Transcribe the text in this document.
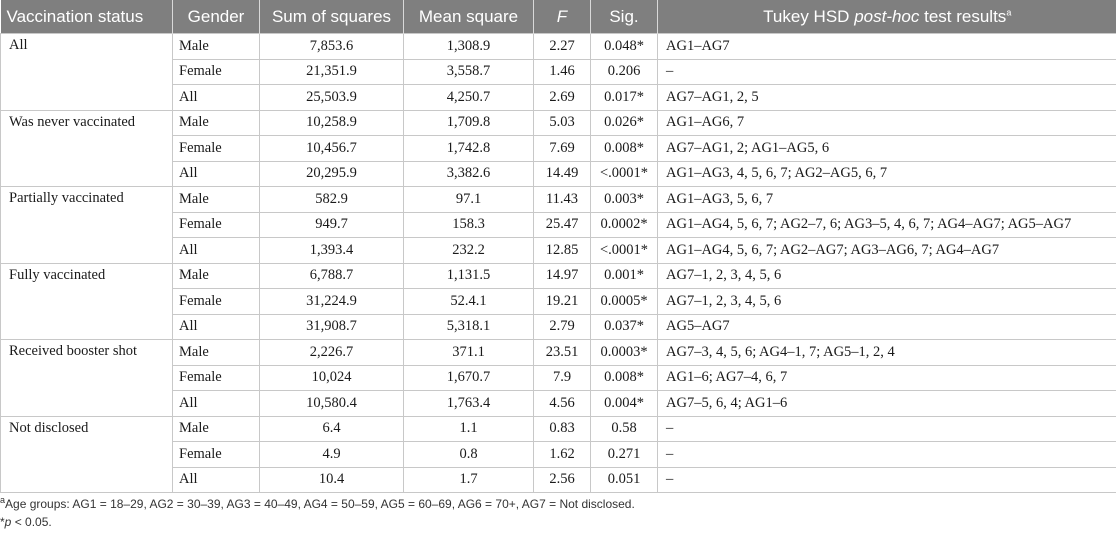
Vaccination status	Gender	Sum of squares	Mean square	F	Sig.	Tukey HSD post-hoc test results$^a$
All	Male	7,853.6	1,308.9	2.27	0.048*	AG1–AG7
	Female	21,351.9	3,558.7	1.46	0.206	–
	All	25,503.9	4,250.7	2.69	0.017*	AG7–AG1, 2, 5
Was never vaccinated	Male	10,258.9	1,709.8	5.03	0.026*	AG1–AG6, 7
	Female	10,456.7	1,742.8	7.69	0.008*	AG7–AG1, 2; AG1–AG5, 6
	All	20,295.9	3,382.6	14.49	<.0001*	AG1–AG3, 4, 5, 6, 7; AG2–AG5, 6, 7
Partially vaccinated	Male	582.9	97.1	11.43	0.003*	AG1–AG3, 5, 6, 7
	Female	949.7	158.3	25.47	0.0002*	AG1–AG4, 5, 6, 7; AG2–7, 6; AG3–5, 4, 6, 7; AG4–AG7; AG5–AG7
	All	1,393.4	232.2	12.85	<.0001*	AG1–AG4, 5, 6, 7; AG2–AG7; AG3–AG6, 7; AG4–AG7
Fully vaccinated	Male	6,788.7	1,131.5	14.97	0.001*	AG7–1, 2, 3, 4, 5, 6
	Female	31,224.9	52.4.1	19.21	0.0005*	AG7–1, 2, 3, 4, 5, 6
	All	31,908.7	5,318.1	2.79	0.037*	AG5–AG7
Received booster shot	Male	2,226.7	371.1	23.51	0.0003*	AG7–3, 4, 5, 6; AG4–1, 7; AG5–1, 2, 4
	Female	10,024	1,670.7	7.9	0.008*	AG1–6; AG7–4, 6, 7
	All	10,580.4	1,763.4	4.56	0.004*	AG7–5, 6, 4; AG1–6
Not disclosed	Male	6.4	1.1	0.83	0.58	–
	Female	4.9	0.8	1.62	0.271	–
	All	10.4	1.7	2.56	0.051	–
$^a$Age groups: AG1 = 18–29, AG2 = 30–39, AG3 = 40–49, AG4 = 50–59, AG5 = 60–69, AG6 = 70+, AG7 = Not disclosed.
*p < 0.05.
